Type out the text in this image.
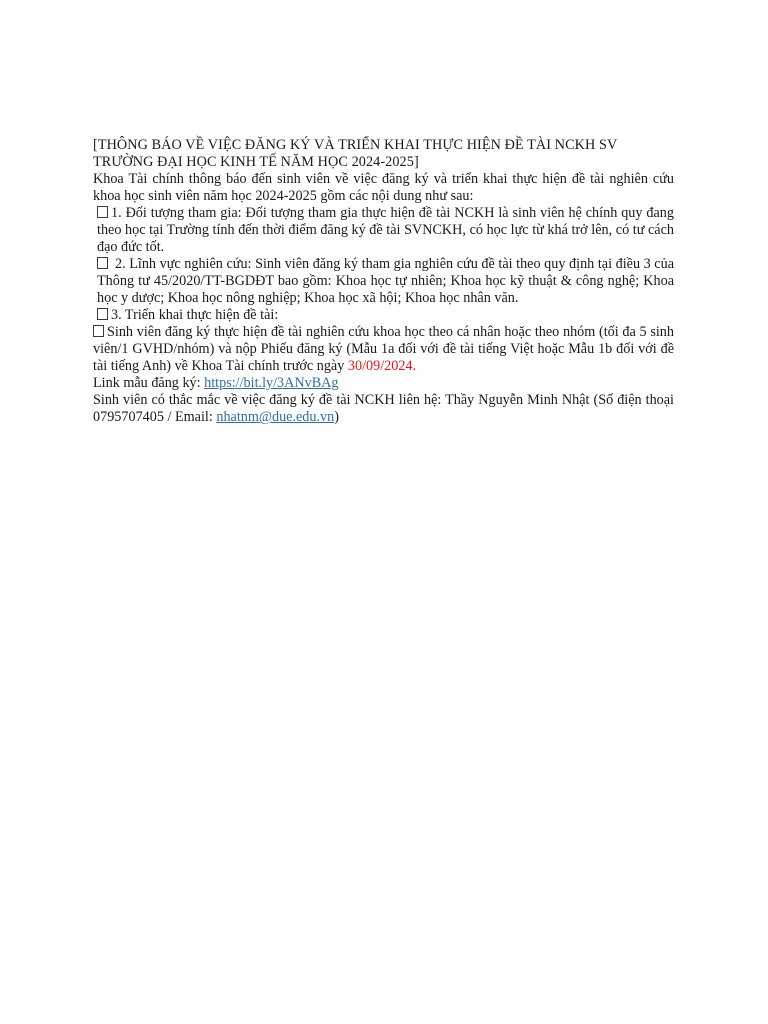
[THÔNG BÁO VỀ VIỆC ĐĂNG KÝ VÀ TRIỂN KHAI THỰC HIỆN ĐỀ TÀI NCKH SV TRƯỜNG ĐẠI HỌC KINH TẾ NĂM HỌC 2024-2025]

Khoa Tài chính thông báo đến sinh viên về việc đăng ký và triển khai thực hiện đề tài nghiên cứu khoa học sinh viên năm học 2024-2025 gồm các nội dung như sau:

1. Đối tượng tham gia: Đối tượng tham gia thực hiện đề tài NCKH là sinh viên hệ chính quy đang theo học tại Trường tính đến thời điểm đăng ký đề tài SVNCKH, có học lực từ khá trở lên, có tư cách đạo đức tốt.

2. Lĩnh vực nghiên cứu: Sinh viên đăng ký tham gia nghiên cứu đề tài theo quy định tại điều 3 của Thông tư 45/2020/TT-BGDĐT bao gồm: Khoa học tự nhiên; Khoa học kỹ thuật & công nghệ; Khoa học y dược; Khoa học nông nghiệp; Khoa học xã hội; Khoa học nhân văn.

3. Triển khai thực hiện đề tài:

Sinh viên đăng ký thực hiện đề tài nghiên cứu khoa học theo cá nhân hoặc theo nhóm (tối đa 5 sinh viên/1 GVHD/nhóm) và nộp Phiếu đăng ký (Mẫu 1a đối với đề tài tiếng Việt hoặc Mẫu 1b đối với đề tài tiếng Anh) về Khoa Tài chính trước ngày 30/09/2024.

Link mẫu đăng ký: https://bit.ly/3ANvBAg

Sinh viên có thắc mắc về việc đăng ký đề tài NCKH liên hệ: Thầy Nguyễn Minh Nhật (Số điện thoại 0795707405 / Email: nhatnm@due.edu.vn)
